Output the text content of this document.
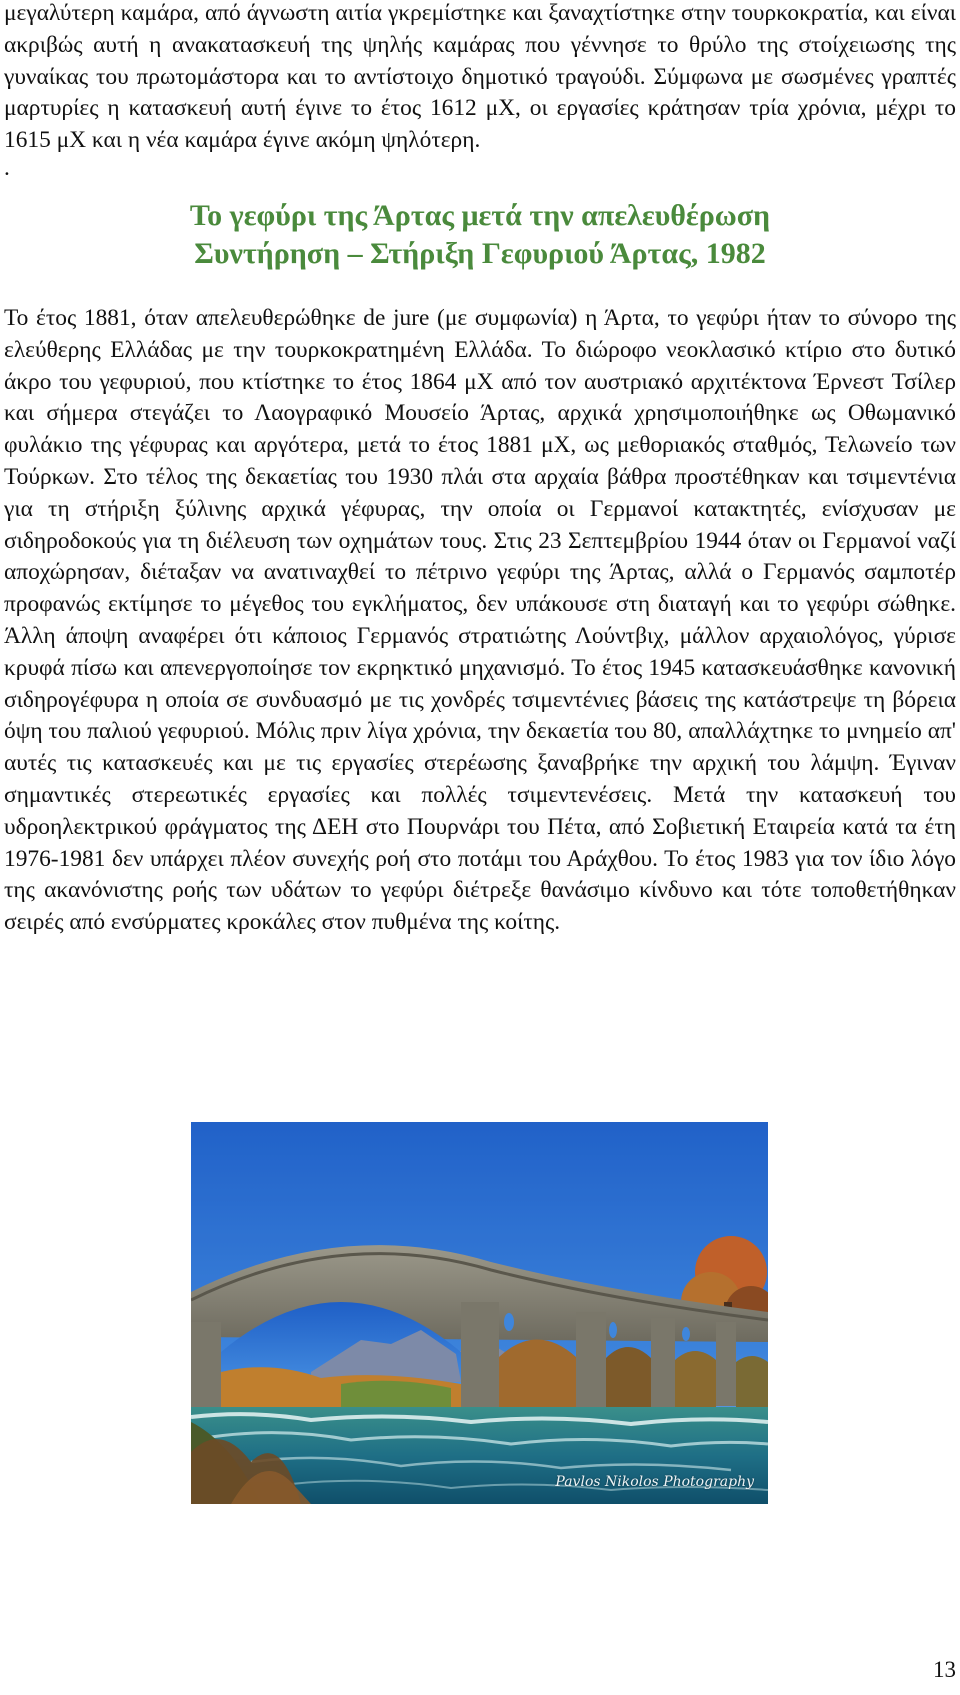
μεγαλύτερη καμάρα, από άγνωστη αιτία γκρεμίστηκε και ξαναχτίστηκε στην τουρκοκρατία, και είναι ακριβώς αυτή η ανακατασκευή της ψηλής καμάρας που γέννησε το θρύλο της στοίχειωσης της γυναίκας του πρωτομάστορα και το αντίστοιχο δημοτικό τραγούδι. Σύμφωνα με σωσμένες γραπτές μαρτυρίες η κατασκευή αυτή έγινε το έτος 1612 μΧ, οι εργασίες κράτησαν τρία χρόνια, μέχρι το 1615 μΧ και η νέα καμάρα έγινε ακόμη ψηλότερη.

.

Το γεφύρι της Άρτας μετά την απελευθέρωση

Συντήρηση – Στήριξη Γεφυριού Άρτας, 1982

Το έτος 1881, όταν απελευθερώθηκε de jure (με συμφωνία) η Άρτα, το γεφύρι ήταν το σύνορο της ελεύθερης Ελλάδας με την τουρκοκρατημένη Ελλάδα. Το διώροφο νεοκλασικό κτίριο στο δυτικό άκρο του γεφυριού, που κτίστηκε το έτος 1864 μΧ από τον αυστριακό αρχιτέκτονα Έρνεστ Τσίλερ και σήμερα στεγάζει το Λαογραφικό Μουσείο Άρτας, αρχικά χρησιμοποιήθηκε ως Οθωμανικό φυλάκιο της γέφυρας και αργότερα, μετά το έτος 1881 μΧ, ως μεθοριακός σταθμός, Τελωνείο των Τούρκων. Στο τέλος της δεκαετίας του 1930 πλάι στα αρχαία βάθρα προστέθηκαν και τσιμεντένια για τη στήριξη ξύλινης αρχικά γέφυρας, την οποία οι Γερμανοί κατακτητές, ενίσχυσαν με σιδηροδοκούς για τη διέλευση των οχημάτων τους. Στις 23 Σεπτεμβρίου 1944 όταν οι Γερμανοί ναζί αποχώρησαν, διέταξαν να ανατιναχθεί το πέτρινο γεφύρι της Άρτας, αλλά ο Γερμανός σαμποτέρ προφανώς εκτίμησε το μέγεθος του εγκλήματος, δεν υπάκουσε στη διαταγή και το γεφύρι σώθηκε. Άλλη άποψη αναφέρει ότι κάποιος Γερμανός στρατιώτης Λούντβιχ, μάλλον αρχαιολόγος, γύρισε κρυφά πίσω και απενεργοποίησε τον εκρηκτικό μηχανισμό. Το έτος 1945 κατασκευάσθηκε κανονική σιδηρογέφυρα η οποία σε συνδυασμό με τις χονδρές τσιμεντένιες βάσεις της κατάστρεψε τη βόρεια όψη του παλιού γεφυριού. Μόλις πριν λίγα χρόνια, την δεκαετία του 80, απαλλάχτηκε το μνημείο απ' αυτές τις κατασκευές και με τις εργασίες στερέωσης ξαναβρήκε την αρχική του λάμψη. Έγιναν σημαντικές στερεωτικές εργασίες και πολλές τσιμεντενέσεις. Μετά την κατασκευή του υδροηλεκτρικού φράγματος της ΔΕΗ στο Πουρνάρι του Πέτα, από Σοβιετική Εταιρεία κατά τα έτη 1976-1981 δεν υπάρχει πλέον συνεχής ροή στο ποτάμι του Αράχθου. Το έτος 1983 για τον ίδιο λόγο της ακανόνιστης ροής των υδάτων το γεφύρι διέτρεξε θανάσιμο κίνδυνο και τότε τοποθετήθηκαν σειρές από ενσύρματες κροκάλες στον πυθμένα της κοίτης.

Pavlos Nikolos Photography
13
